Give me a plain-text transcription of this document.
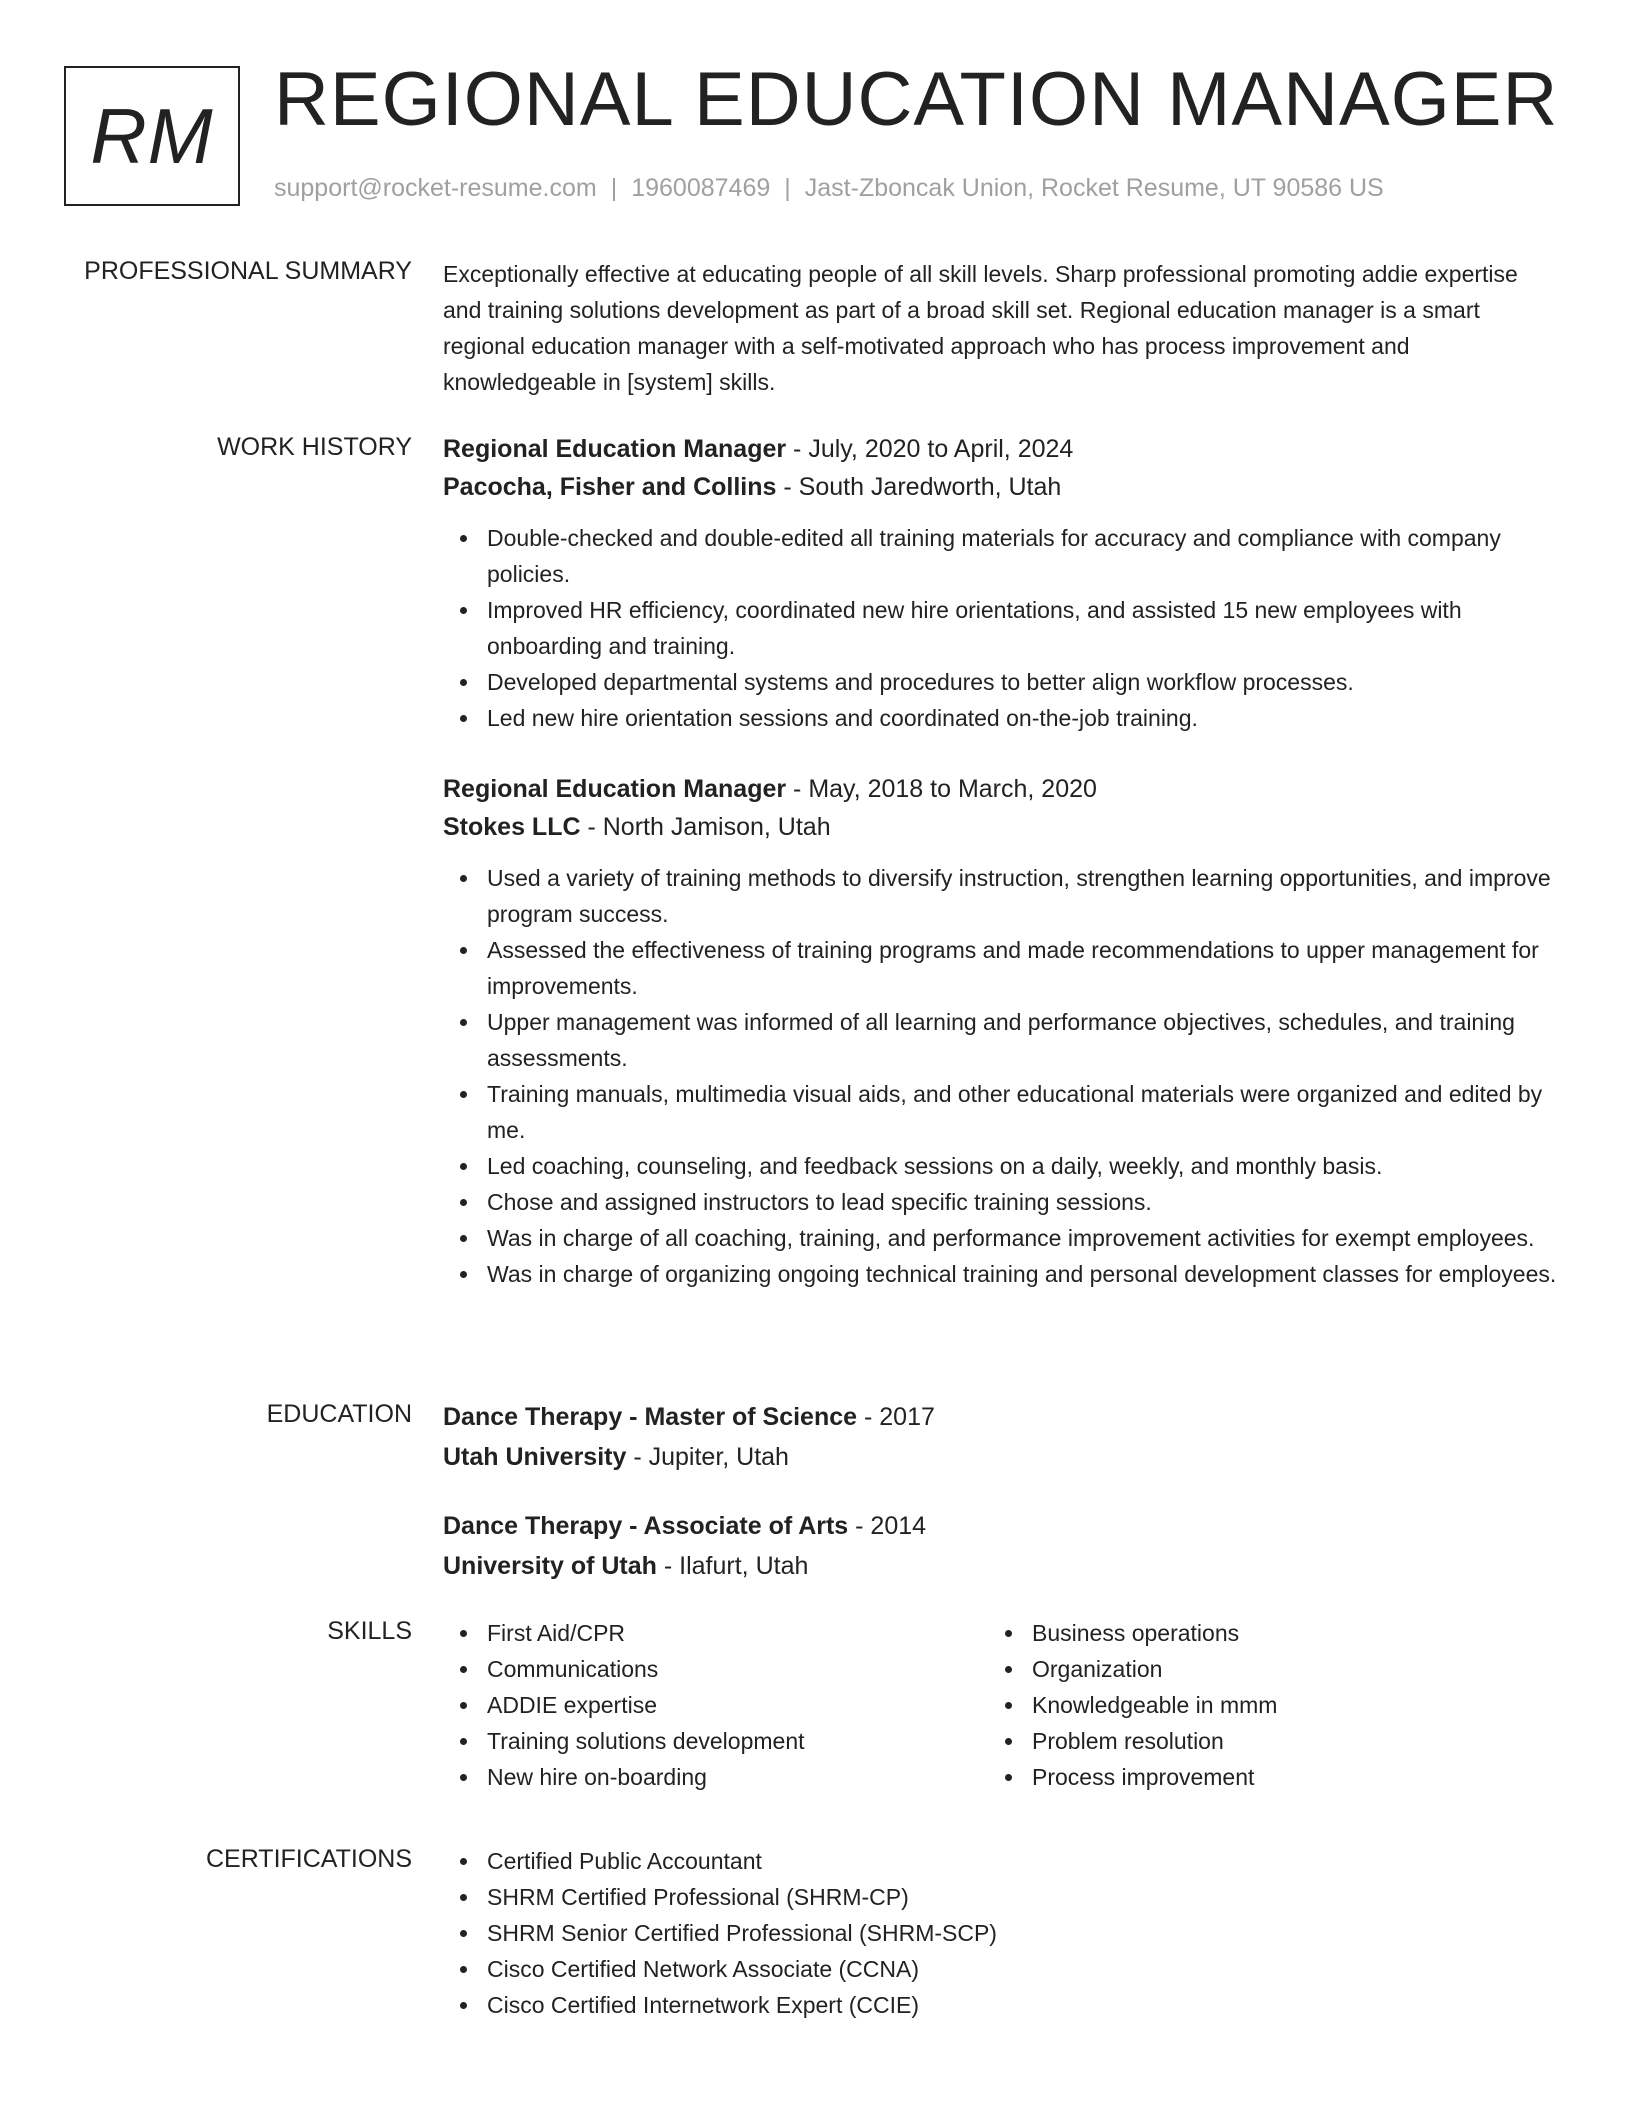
RM REGIONAL EDUCATION MANAGER
support@rocket-resume.com | 1960087469 | Jast-Zboncak Union, Rocket Resume, UT 90586 US
PROFESSIONAL SUMMARY Exceptionally effective at educating people of all skill levels. Sharp professional promoting addie expertise and training solutions development as part of a broad skill set. Regional education manager is a smart regional education manager with a self-motivated approach who has process improvement and knowledgeable in [system] skills.
WORK HISTORY Regional Education Manager - July, 2020 to April, 2024
Pacocha, Fisher and Collins - South Jaredworth, Utah
Double-checked and double-edited all training materials for accuracy and compliance with company policies.
Improved HR efficiency, coordinated new hire orientations, and assisted 15 new employees with onboarding and training.
Developed departmental systems and procedures to better align workflow processes.
Led new hire orientation sessions and coordinated on-the-job training.
Regional Education Manager - May, 2018 to March, 2020
Stokes LLC - North Jamison, Utah
Used a variety of training methods to diversify instruction, strengthen learning opportunities, and improve program success.
Assessed the effectiveness of training programs and made recommendations to upper management for improvements.
Upper management was informed of all learning and performance objectives, schedules, and training assessments.
Training manuals, multimedia visual aids, and other educational materials were organized and edited by me.
Led coaching, counseling, and feedback sessions on a daily, weekly, and monthly basis.
Chose and assigned instructors to lead specific training sessions.
Was in charge of all coaching, training, and performance improvement activities for exempt employees.
Was in charge of organizing ongoing technical training and personal development classes for employees.
EDUCATION Dance Therapy - Master of Science - 2017
Utah University - Jupiter, Utah
Dance Therapy - Associate of Arts - 2014
University of Utah - Ilafurt, Utah
SKILLS	First Aid/CPR
Communications
ADDIE expertise
Training solutions development
New hire on-boarding
Business operations
Organization
Knowledgeable in mmm
Problem resolution
Process improvement
CERTIFICATIONS	Certified Public Accountant
SHRM Certified Professional (SHRM-CP)
SHRM Senior Certified Professional (SHRM-SCP)
Cisco Certified Network Associate (CCNA)
Cisco Certified Internetwork Expert (CCIE)
